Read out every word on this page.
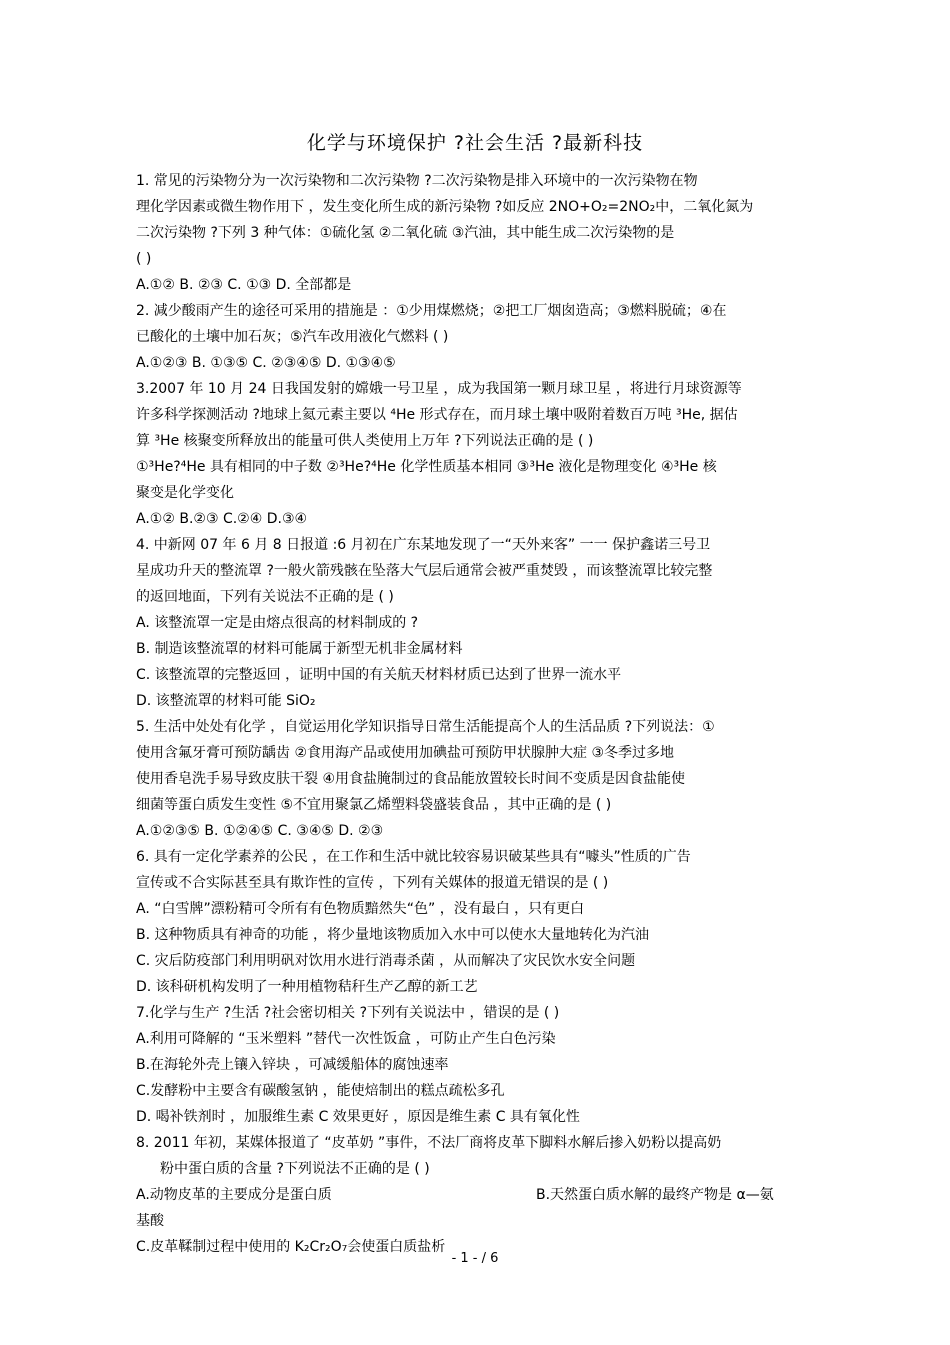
化学与环境保护 ?社会生活 ?最新科技
1. 常见的污染物分为一次污染物和二次污染物 ?二次污染物是排入环境中的一次污染物在物
理化学因素或微生物作用下 ，发生变化所生成的新污染物 ?如反应 2NO+O₂=2NO₂中，二氧化氮为
二次污染物 ?下列 3 种气体：①硫化氢 ②二氧化硫 ③汽油，其中能生成二次污染物的是
( )
A.①② B. ②③ C. ①③ D. 全部都是
2. 减少酸雨产生的途径可采用的措施是 ：①少用煤燃烧；②把工厂烟囱造高；③燃料脱硫；④在
已酸化的土壤中加石灰；⑤汽车改用液化气燃料 ( )
A.①②③ B. ①③⑤ C. ②③④⑤ D. ①③④⑤
3.2007 年 10 月 24 日我国发射的嫦娥一号卫星 ，成为我国第一颗月球卫星 ，将进行月球资源等
许多科学探测活动 ?地球上氦元素主要以 ⁴He 形式存在，而月球土壤中吸附着数百万吨 ³He, 据估
算 ³He 核聚变所释放出的能量可供人类使用上万年 ?下列说法正确的是 ( )
①³He?⁴He 具有相同的中子数 ②³He?⁴He 化学性质基本相同 ③³He 液化是物理变化 ④³He 核
聚变是化学变化
A.①② B.②③ C.②④ D.③④
4. 中新网 07 年 6 月 8 日报道 :6 月初在广东某地发现了一“天外来客” 一一 保护鑫诺三号卫
星成功升天的整流罩 ?一般火箭残骸在坠落大气层后通常会被严重焚毁 ，而该整流罩比较完整
的返回地面，下列有关说法不正确的是 ( )
A. 该整流罩一定是由熔点很高的材料制成的 ?
B. 制造该整流罩的材料可能属于新型无机非金属材料
C. 该整流罩的完整返回 ，证明中国的有关航天材料材质已达到了世界一流水平
D. 该整流罩的材料可能 SiO₂
5. 生活中处处有化学 ，自觉运用化学知识指导日常生活能提高个人的生活品质 ?下列说法：①
使用含氟牙膏可预防龋齿 ②食用海产品或使用加碘盐可预防甲状腺肿大症 ③冬季过多地
使用香皂洗手易导致皮肤干裂 ④用食盐腌制过的食品能放置较长时间不变质是因食盐能使
细菌等蛋白质发生变性 ⑤不宜用聚氯乙烯塑料袋盛装食品 ，其中正确的是 ( )
A.①②③⑤ B. ①②④⑤ C. ③④⑤ D. ②③
6. 具有一定化学素养的公民 ，在工作和生活中就比较容易识破某些具有“噱头”性质的广告
宣传或不合实际甚至具有欺诈性的宣传 ，下列有关媒体的报道无错误的是 ( )
A. “白雪牌”漂粉精可令所有有色物质黯然失“色” ，没有最白 ，只有更白
B. 这种物质具有神奇的功能 ，将少量地该物质加入水中可以使水大量地转化为汽油
C. 灾后防疫部门利用明矾对饮用水进行消毒杀菌 ，从而解决了灾民饮水安全问题
D. 该科研机构发明了一种用植物秸秆生产乙醇的新工艺
7.化学与生产 ?生活 ?社会密切相关 ?下列有关说法中 ，错误的是 ( )
A.利用可降解的 “玉米塑料 ”替代一次性饭盒 ，可防止产生白色污染
B.在海轮外壳上镶入锌块 ，可减缓船体的腐蚀速率
C.发酵粉中主要含有碳酸氢钠 ，能使焙制出的糕点疏松多孔
D. 喝补铁剂时 ，加服维生素 C 效果更好 ，原因是维生素 C 具有氧化性
8. 2011 年初，某媒体报道了 “皮革奶 ”事件，不法厂商将皮革下脚料水解后掺入奶粉以提高奶
粉中蛋白质的含量 ?下列说法不正确的是 ( )
A.动物皮革的主要成分是蛋白质	B.天然蛋白质水解的最终产物是 α—氨
基酸
C.皮革鞣制过程中使用的 K₂Cr₂O₇会使蛋白质盐析
- 1 - / 6
